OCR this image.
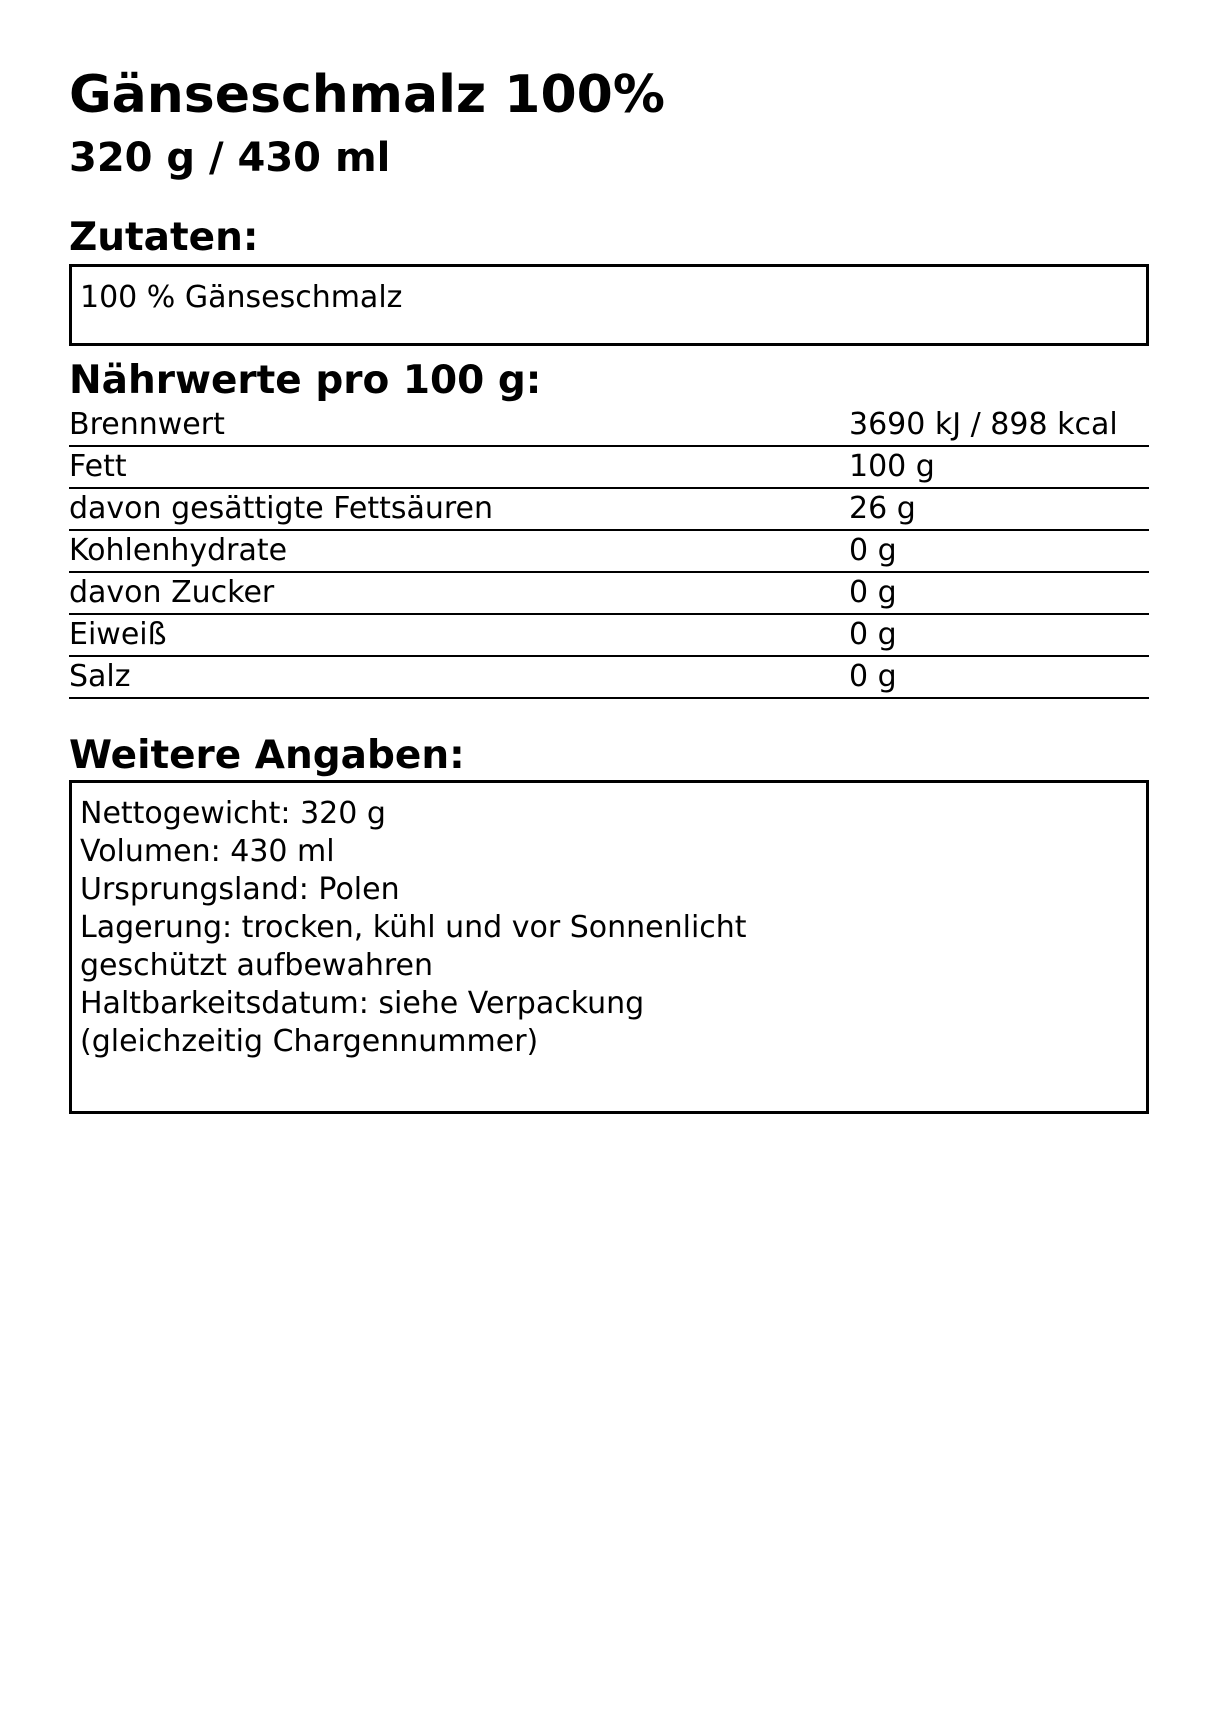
Gänseschmalz 100%
320 g / 430 ml
Zutaten:
100 % Gänseschmalz
Nährwerte pro 100 g:
Brennwert	3690 kJ / 898 kcal
Fett	100 g
davon gesättigte Fettsäuren	26 g
Kohlenhydrate	0 g
davon Zucker	0 g
Eiweiß	0 g
Salz	0 g
Weitere Angaben:
Nettogewicht: 320 g
Volumen: 430 ml
Ursprungsland: Polen
Lagerung: trocken, kühl und vor Sonnenlicht
geschützt aufbewahren
Haltbarkeitsdatum: siehe Verpackung
(gleichzeitig Chargennummer)
